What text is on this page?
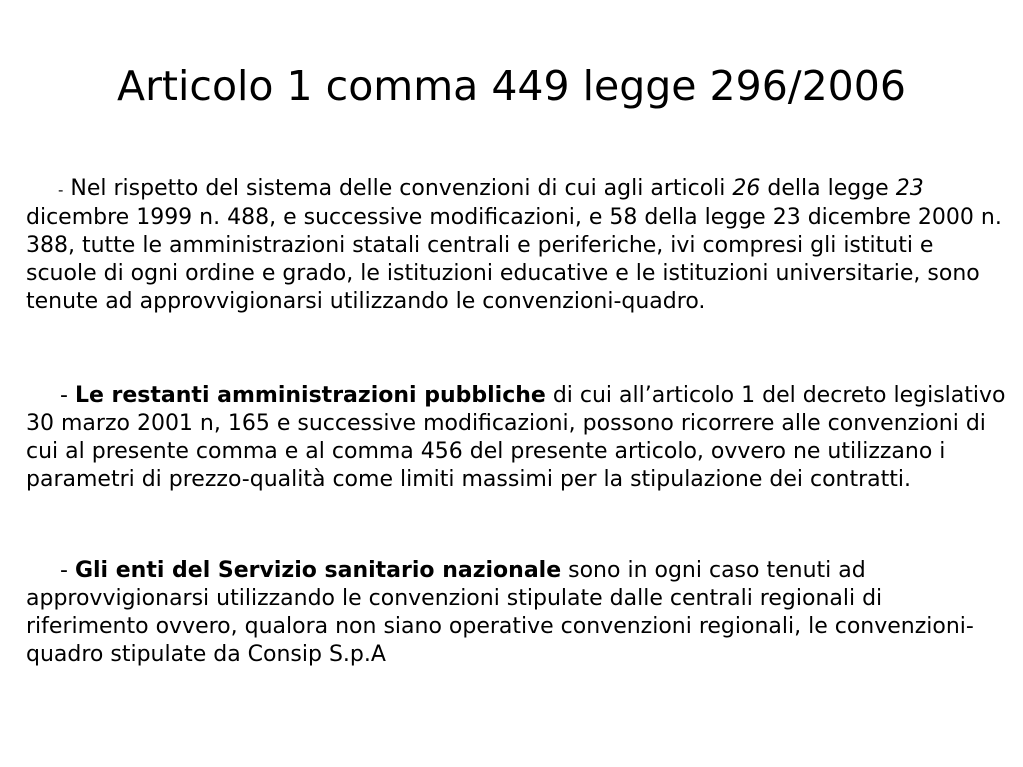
Articolo 1 comma 449 legge 296/2006

- Nel rispetto del sistema delle convenzioni di cui agli articoli 26 della legge 23 dicembre 1999 n. 488, e successive modificazioni, e 58 della legge 23 dicembre 2000 n. 388, tutte le amministrazioni statali centrali e periferiche, ivi compresi gli istituti e scuole di ogni ordine e grado, le istituzioni educative e le istituzioni universitarie, sono tenute ad approvvigionarsi utilizzando le convenzioni-quadro.

- Le restanti amministrazioni pubbliche di cui all’articolo 1 del decreto legislativo 30 marzo 2001 n, 165 e successive modificazioni, possono ricorrere alle convenzioni di cui al presente comma e al comma 456 del presente articolo, ovvero ne utilizzano i parametri di prezzo-qualità come limiti massimi per la stipulazione dei contratti.

- Gli enti del Servizio sanitario nazionale sono in ogni caso tenuti ad approvvigionarsi utilizzando le convenzioni stipulate dalle centrali regionali di riferimento ovvero, qualora non siano operative convenzioni regionali, le convenzioni-quadro stipulate da Consip S.p.A
